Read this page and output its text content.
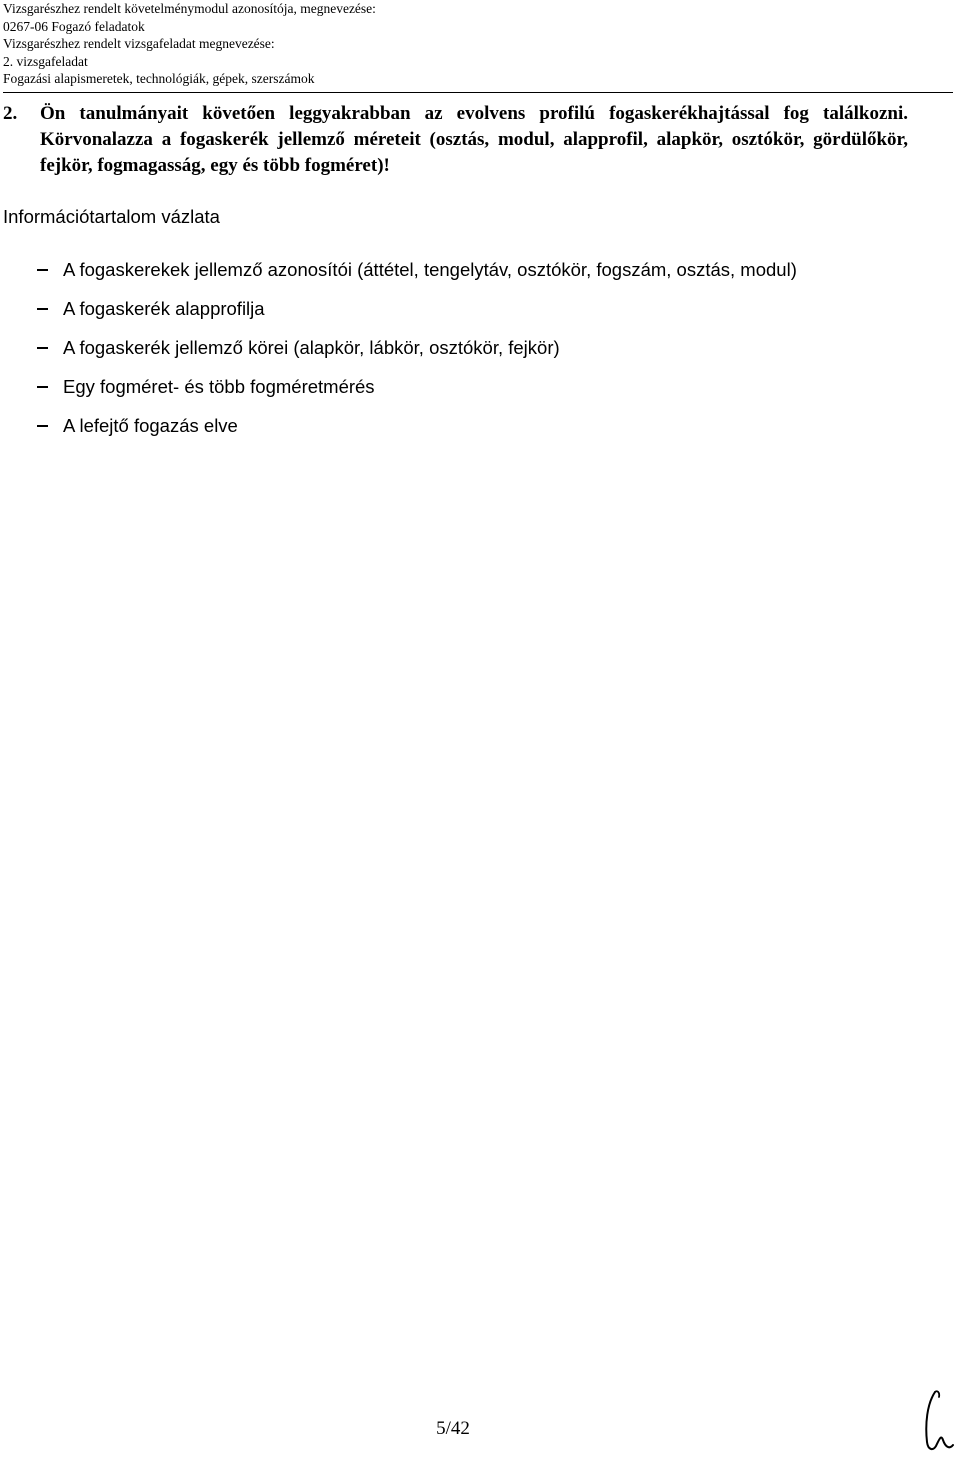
Vizsgarészhez rendelt követelménymodul azonosítója, megnevezése:
0267-06 Fogazó feladatok
Vizsgarészhez rendelt vizsgafeladat megnevezése:
2. vizsgafeladat
Fogazási alapismeretek, technológiák, gépek, szerszámok
2. Ön tanulmányait követően leggyakrabban az evolvens profilú fogaskerékhajtással fog találkozni. Körvonalazza a fogaskerék jellemző méreteit (osztás, modul, alapprofil, alapkör, osztókör, gördülőkör, fejkör, fogmagasság, egy és több fogméret)!
Információtartalom vázlata
A fogaskerekek jellemző azonosítói (áttétel, tengelytáv, osztókör, fogszám, osztás, modul)
A fogaskerék alapprofilja
A fogaskerék jellemző körei (alapkör, lábkör, osztókör, fejkör)
Egy fogméret- és több fogméretmérés
A lefejtő fogazás elve
5/42
